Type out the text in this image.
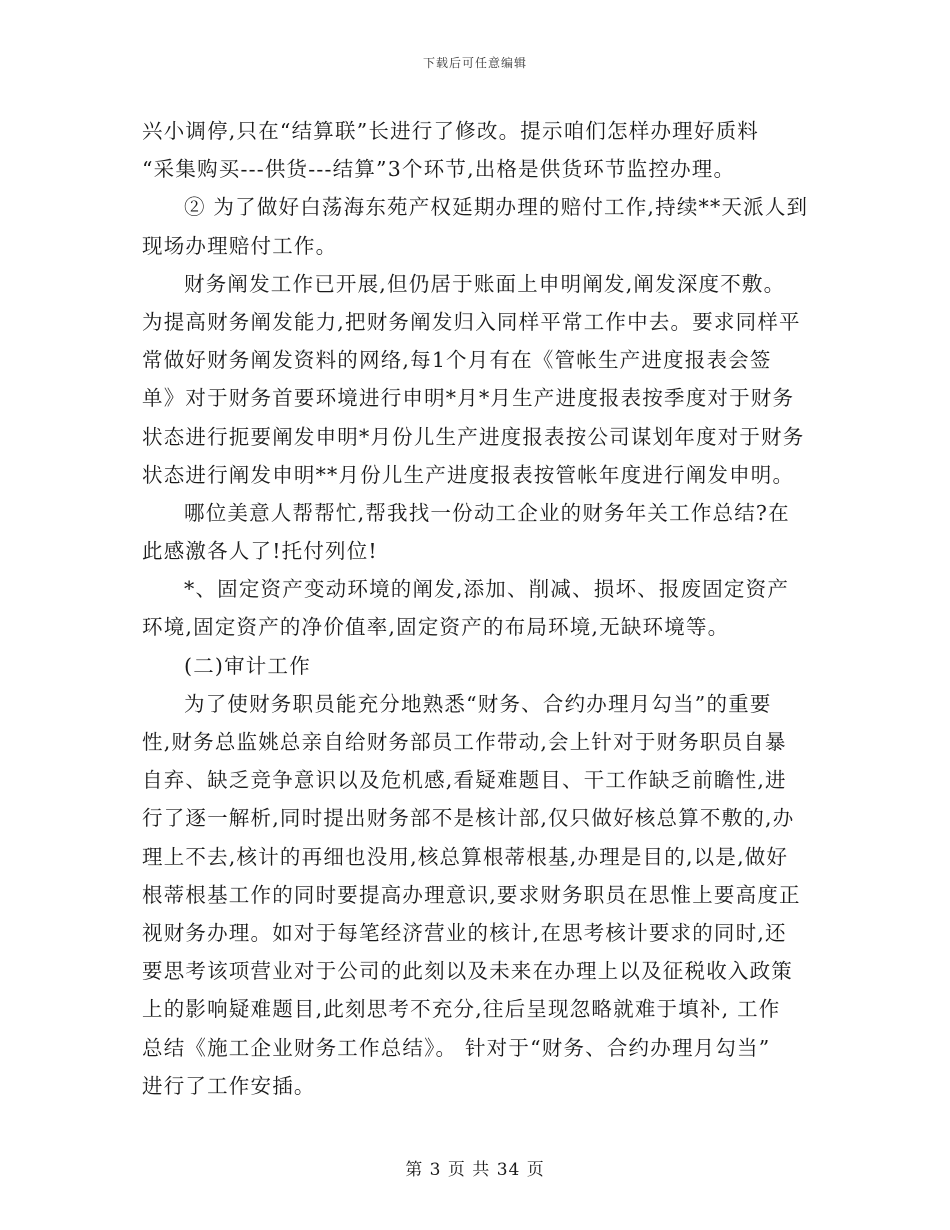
下载后可任意编辑
兴小调停,只在“结算联”长进行了修改。提示咱们怎样办理好质料
“采集购买---供货---结算”3个环节,出格是供货环节监控办理。
② 为了做好白荡海东苑产权延期办理的赔付工作,持续**天派人到
现场办理赔付工作。
财务阐发工作已开展,但仍居于账面上申明阐发,阐发深度不敷。
为提高财务阐发能力,把财务阐发归入同样平常工作中去。要求同样平
常做好财务阐发资料的网络,每1个月有在《管帐生产进度报表会签
单》对于财务首要环境进行申明*月*月生产进度报表按季度对于财务
状态进行扼要阐发申明*月份儿生产进度报表按公司谋划年度对于财务
状态进行阐发申明**月份儿生产进度报表按管帐年度进行阐发申明。
哪位美意人帮帮忙,帮我找一份动工企业的财务年关工作总结?在
此感激各人了!托付列位!
*、固定资产变动环境的阐发,添加、削减、损坏、报废固定资产
环境,固定资产的净价值率,固定资产的布局环境,无缺环境等。
(二)审计工作
为了使财务职员能充分地熟悉“财务、合约办理月勾当”的重要
性,财务总监姚总亲自给财务部员工作带动,会上针对于财务职员自暴
自弃、缺乏竞争意识以及危机感,看疑难题目、干工作缺乏前瞻性,进
行了逐一解析,同时提出财务部不是核计部,仅只做好核总算不敷的,办
理上不去,核计的再细也没用,核总算根蒂根基,办理是目的,以是,做好
根蒂根基工作的同时要提高办理意识,要求财务职员在思惟上要高度正
视财务办理。如对于每笔经济营业的核计,在思考核计要求的同时,还
要思考该项营业对于公司的此刻以及未来在办理上以及征税收入政策
上的影响疑难题目,此刻思考不充分,往后呈现忽略就难于填补, 工作
总结《施工企业财务工作总结》。 针对于“财务、合约办理月勾当”
进行了工作安插。
第 3 页 共 34 页
